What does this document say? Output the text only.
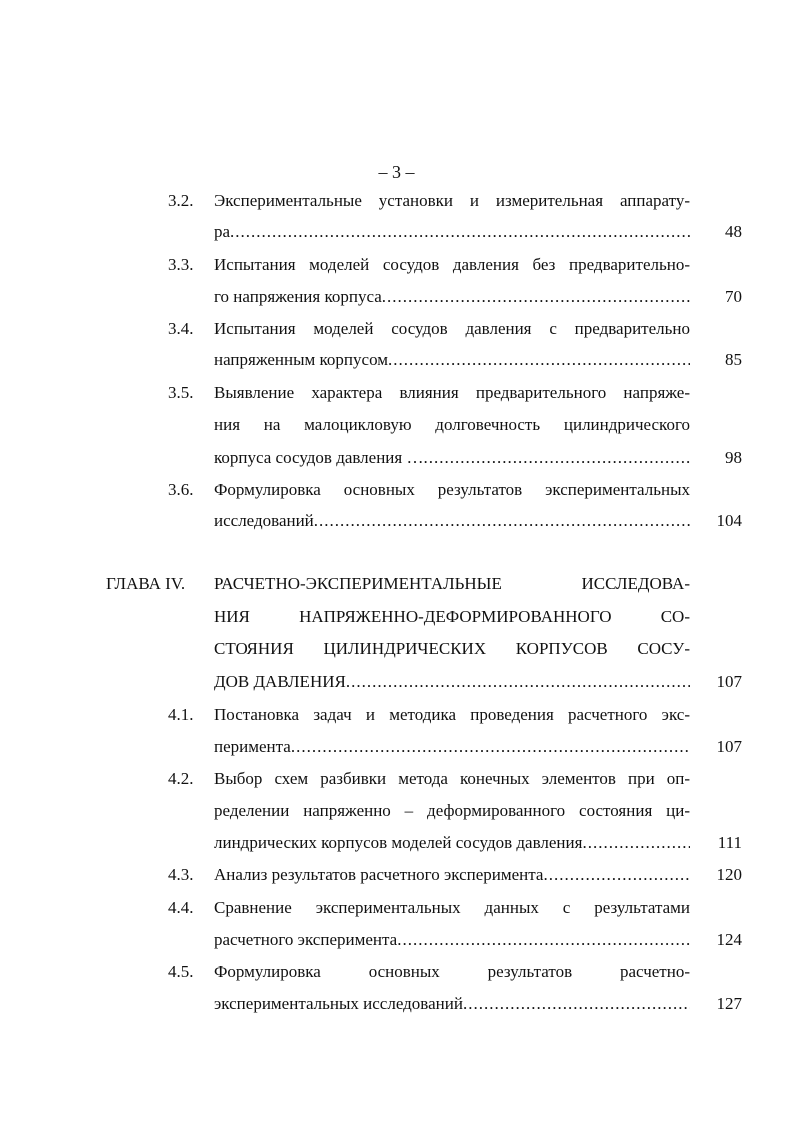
– 3 –
3.2.	Экспериментальные установки и измерительная аппарату-
ра .....	48
3.3.	Испытания моделей сосудов давления без предварительно-
го напряжения корпуса .....	70
3.4.	Испытания моделей сосудов давления с предварительно
напряженным корпусом .....	85
3.5.	Выявление характера влияния предварительного напряже-
ния на малоцикловую долговечность цилиндрического
корпуса сосудов давления … .....	98
3.6.	Формулировка основных результатов экспериментальных
исследований .....	104
ГЛАВА IV.	РАСЧЕТНО-ЭКСПЕРИМЕНТАЛЬНЫЕ ИССЛЕДОВА-
НИЯ НАПРЯЖЕННО-ДЕФОРМИРОВАННОГО СО-
СТОЯНИЯ ЦИЛИНДРИЧЕСКИХ КОРПУСОВ СОСУ-
ДОВ ДАВЛЕНИЯ .....	107
4.1.	Постановка задач и методика проведения расчетного экс-
перимента .....	107
4.2.	Выбор схем разбивки метода конечных элементов при оп-
ределении напряженно – деформированного состояния ци-
линдрических корпусов моделей сосудов давления .....	111
4.3.	Анализ результатов расчетного эксперимента .....	120
4.4.	Сравнение экспериментальных данных с результатами
расчетного эксперимента .....	124
4.5.	Формулировка основных результатов расчетно-
экспериментальных исследований .....	127
